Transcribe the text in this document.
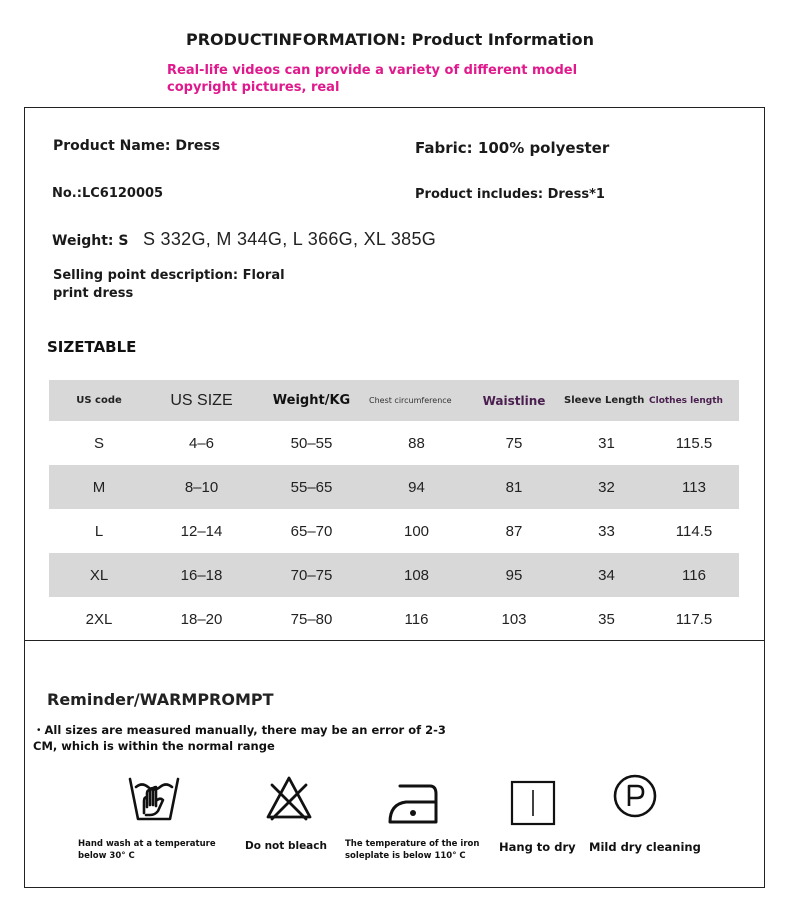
PRODUCTINFORMATION: Product Information
Real-life videos can provide a variety of different model copyright pictures, real
Product Name: Dress	Fabric: 100% polyester
No.:LC6120005	Product includes: Dress*1
Weight: S S 332G, M 344G, L 366G, XL 385G
Selling point description: Floral print dress
SIZETABLE
US code	US SIZE	Weight/KG	Chest circumference	Waistline	Sleeve Length	Clothes length
S	4–6	50–55	88	75	31	115.5
M	8–10	55–65	94	81	32	113
L	12–14	65–70	100	87	33	114.5
XL	16–18	70–75	108	95	34	116
2XL	18–20	75–80	116	103	35	117.5
Reminder/WARMPROMPT
・All sizes are measured manually, there may be an error of 2-3 CM, which is within the normal range
Hand wash at a temperature below 30° C
Do not bleach The temperature of the iron soleplate is below 110° C
Hang to dry Mild dry cleaning
